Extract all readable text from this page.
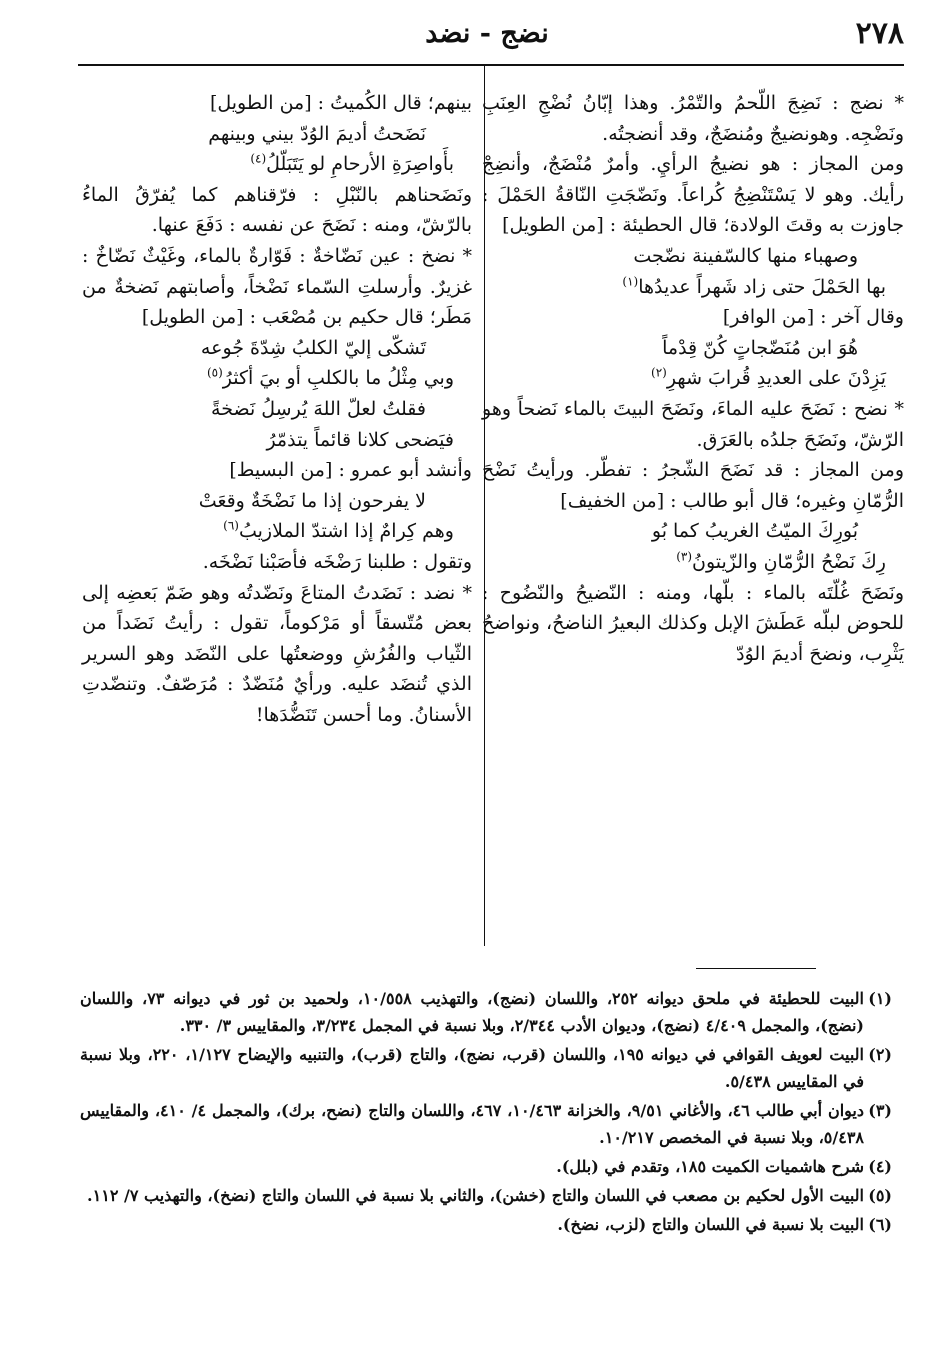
٢٧٨
نضج - نضد

* نضج : نَضِجَ اللّحمُ والتّمْرُ. وهذا إبّانُ نُضْجِ العِنَبِ ونَضْجِه. وهونضيجٌ ومُنضَجٌ، وقد أنضجتُه.

ومن المجاز : هو نضيجُ الرأيِ. وأمرٌ مُنْضَجٌ، وأنضِجْ رأيك. وهو لا يَسْتَنْضِجُ كُراعاً. ونَضّجَتِ النّاقةُ الحَمْلَ : جاوزت به وقتَ الولادة؛ قال الحطيئة : [من الطويل]

وصهباء منها كالسّفينة نضّجت
بها الحَمْلَ حتى زاد شَهراً عديدُها$^{(١)}$

وقال آخر : [من الوافر]

هُوَ ابن مُنَضّجاتٍ كُنّ قِدْماً
يَزِدْنَ على العديدِ قُرابَ شهرِ$^{(٢)}$

* نضح : نَضَحَ عليه الماءَ، ونَضَحَ البيتَ بالماء نَضحاً وهو الرّشّ، ونَضَحَ جلدُه بالعَرَق.

ومن المجاز : قد نَضَحَ الشّجرُ : تفطّر. ورأيتُ نَضْحَ الرُّمّانِ وغيره؛ قال أبو طالب : [من الخفيف]

بُورِكَ الميّتُ الغريبُ كما بُو
رِكَ نَضْحُ الرُّمّانِ والزّيتونُ$^{(٣)}$

ونَضَحَ غُلّتَه بالماء : بلّها، ومنه : النّضيحُ والنّضُوح : للحوض لبلّه عَطَشَ الإبل وكذلك البعيرُ الناضحُ، ونواضحُ يَثْرِب، ونضحَ أديمَ الوُدّ

بينهم؛ قال الكُميتُ : [من الطويل]

نَضَحتُ أديمَ الوُدّ بيني وبينهم
بأَواصِرَةِ الأرحامِ لو يَتَبَلّلُ$^{(٤)}$

ونَضَحناهم بالنّبْلِ : فرّقناهم كما يُفرّقُ الماءُ بالرّشّ، ومنه : نَضَحَ عن نفسه : دَفَعَ عنها.

* نضخ : عين نَضّاخةٌ : فَوّارةٌ بالماء، وغَيْثٌ نَضّاخٌ : غزيرٌ. وأرسلتِ السّماء نَضْخاً، وأصابتهم نَضخةٌ من مَطَر؛ قال حكيم بن مُصْعَب : [من الطويل]

تَشكّى إليّ الكلبُ شِدّةَ جُوعه
وبي مِثْلُ ما بالكلبِ أو بيَ أكثرُ$^{(٥)}$
فقلتُ لعلّ اللهَ يُرسِلُ نَضخةً
فيَضحى كلانا قائماً يتذمّرُ

وأنشد أبو عمرو : [من البسيط]

لا يفرحون إذا ما نَضْخَةٌ وقعَتْ
وهم كِرامٌ إذا اشتدّ الملازيبُ$^{(٦)}$

وتقول : طلبنا رَضْخَه فأصَبْنا نَضْخَه.

* نضد : نَضَدتُ المتاعَ ونَضّدتُه وهو ضَمّ بَعضِه إلى بعض مُتّسقاً أو مَرْكوماً، تقول : رأيتُ نَضَداً من الثّياب والفُرُشِ ووضعتُها على النّضَد وهو السرير الذي تُنضَد عليه. ورأيٌ مُنَضّدٌ : مُرَصّفٌ. وتنضّدتِ الأسنانُ. وما أحسن تَنَضُّدَها!

(١)
البيت للحطيئة في ملحق ديوانه ٢٥٢، واللسان (نضج)، والتهذيب ١٠/٥٥٨، ولحميد بن ثور في ديوانه ٧٣، واللسان (نضج)، والمجمل ٤/٤٠٩ (نضج)، وديوان الأدب ٢/٣٤٤، وبلا نسبة في المجمل ٣/٢٣٤، والمقاييس ٣/ ٣٣٠.
(٢)
البيت لعويف القوافي في ديوانه ١٩٥، واللسان (قرب، نضج)، والتاج (قرب)، والتنبيه والإيضاح ١/١٢٧، ٢٢٠، وبلا نسبة في المقاييس ٥/٤٣٨.
(٣)
ديوان أبي طالب ٤٦، والأغاني ٩/٥١، والخزانة ١٠/٤٦٣، ٤٦٧، واللسان والتاج (نضح، برك)، والمجمل ٤/ ٤١٠، والمقاييس ٥/٤٣٨، وبلا نسبة في المخصص ١٠/٢١٧.
(٤)
شرح هاشميات الكميت ١٨٥، وتقدم في (بلل).
(٥)
البيت الأول لحكيم بن مصعب في اللسان والتاج (خشن)، والثاني بلا نسبة في اللسان والتاج (نضخ)، والتهذيب ٧/ ١١٢.
(٦)
البيت بلا نسبة في اللسان والتاج (لزب، نضخ).
